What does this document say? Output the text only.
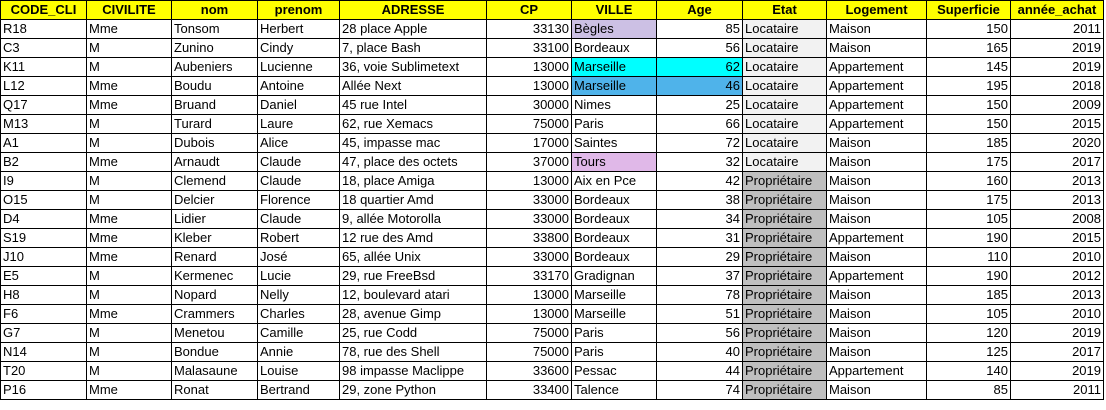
CODE_CLI	CIVILITE	nom	prenom	ADRESSE	CP	VILLE	Age	Etat	Logement	Superficie	année_achat
R18	Mme	Tonsom	Herbert	28 place Apple	33130	Bègles	85	Locataire	Maison	150	2011
C3	M	Zunino	Cindy	7, place Bash	33100	Bordeaux	56	Locataire	Maison	165	2019
K11	M	Aubeniers	Lucienne	36, voie Sublimetext	13000	Marseille	62	Locataire	Appartement	145	2019
L12	Mme	Boudu	Antoine	Allée Next	13000	Marseille	46	Locataire	Appartement	195	2018
Q17	Mme	Bruand	Daniel	45 rue Intel	30000	Nimes	25	Locataire	Appartement	150	2009
M13	M	Turard	Laure	62, rue Xemacs	75000	Paris	66	Locataire	Appartement	150	2015
A1	M	Dubois	Alice	45, impasse mac	17000	Saintes	72	Locataire	Maison	185	2020
B2	Mme	Arnaudt	Claude	47, place des octets	37000	Tours	32	Locataire	Maison	175	2017
I9	M	Clemend	Claude	18, place Amiga	13000	Aix en Pce	42	Propriétaire	Maison	160	2013
O15	M	Delcier	Florence	18 quartier Amd	33000	Bordeaux	38	Propriétaire	Maison	175	2013
D4	Mme	Lidier	Claude	9, allée Motorolla	33000	Bordeaux	34	Propriétaire	Maison	105	2008
S19	Mme	Kleber	Robert	12 rue des Amd	33800	Bordeaux	31	Propriétaire	Appartement	190	2015
J10	Mme	Renard	José	65, allée Unix	33000	Bordeaux	29	Propriétaire	Maison	110	2010
E5	M	Kermenec	Lucie	29, rue FreeBsd	33170	Gradignan	37	Propriétaire	Appartement	190	2012
H8	M	Nopard	Nelly	12, boulevard atari	13000	Marseille	78	Propriétaire	Maison	185	2013
F6	Mme	Crammers	Charles	28, avenue Gimp	13000	Marseille	51	Propriétaire	Maison	105	2010
G7	M	Menetou	Camille	25, rue Codd	75000	Paris	56	Propriétaire	Maison	120	2019
N14	M	Bondue	Annie	78, rue des Shell	75000	Paris	40	Propriétaire	Maison	125	2017
T20	M	Malasaune	Louise	98 impasse Maclippe	33600	Pessac	44	Propriétaire	Appartement	140	2019
P16	Mme	Ronat	Bertrand	29, zone Python	33400	Talence	74	Propriétaire	Maison	85	2011
